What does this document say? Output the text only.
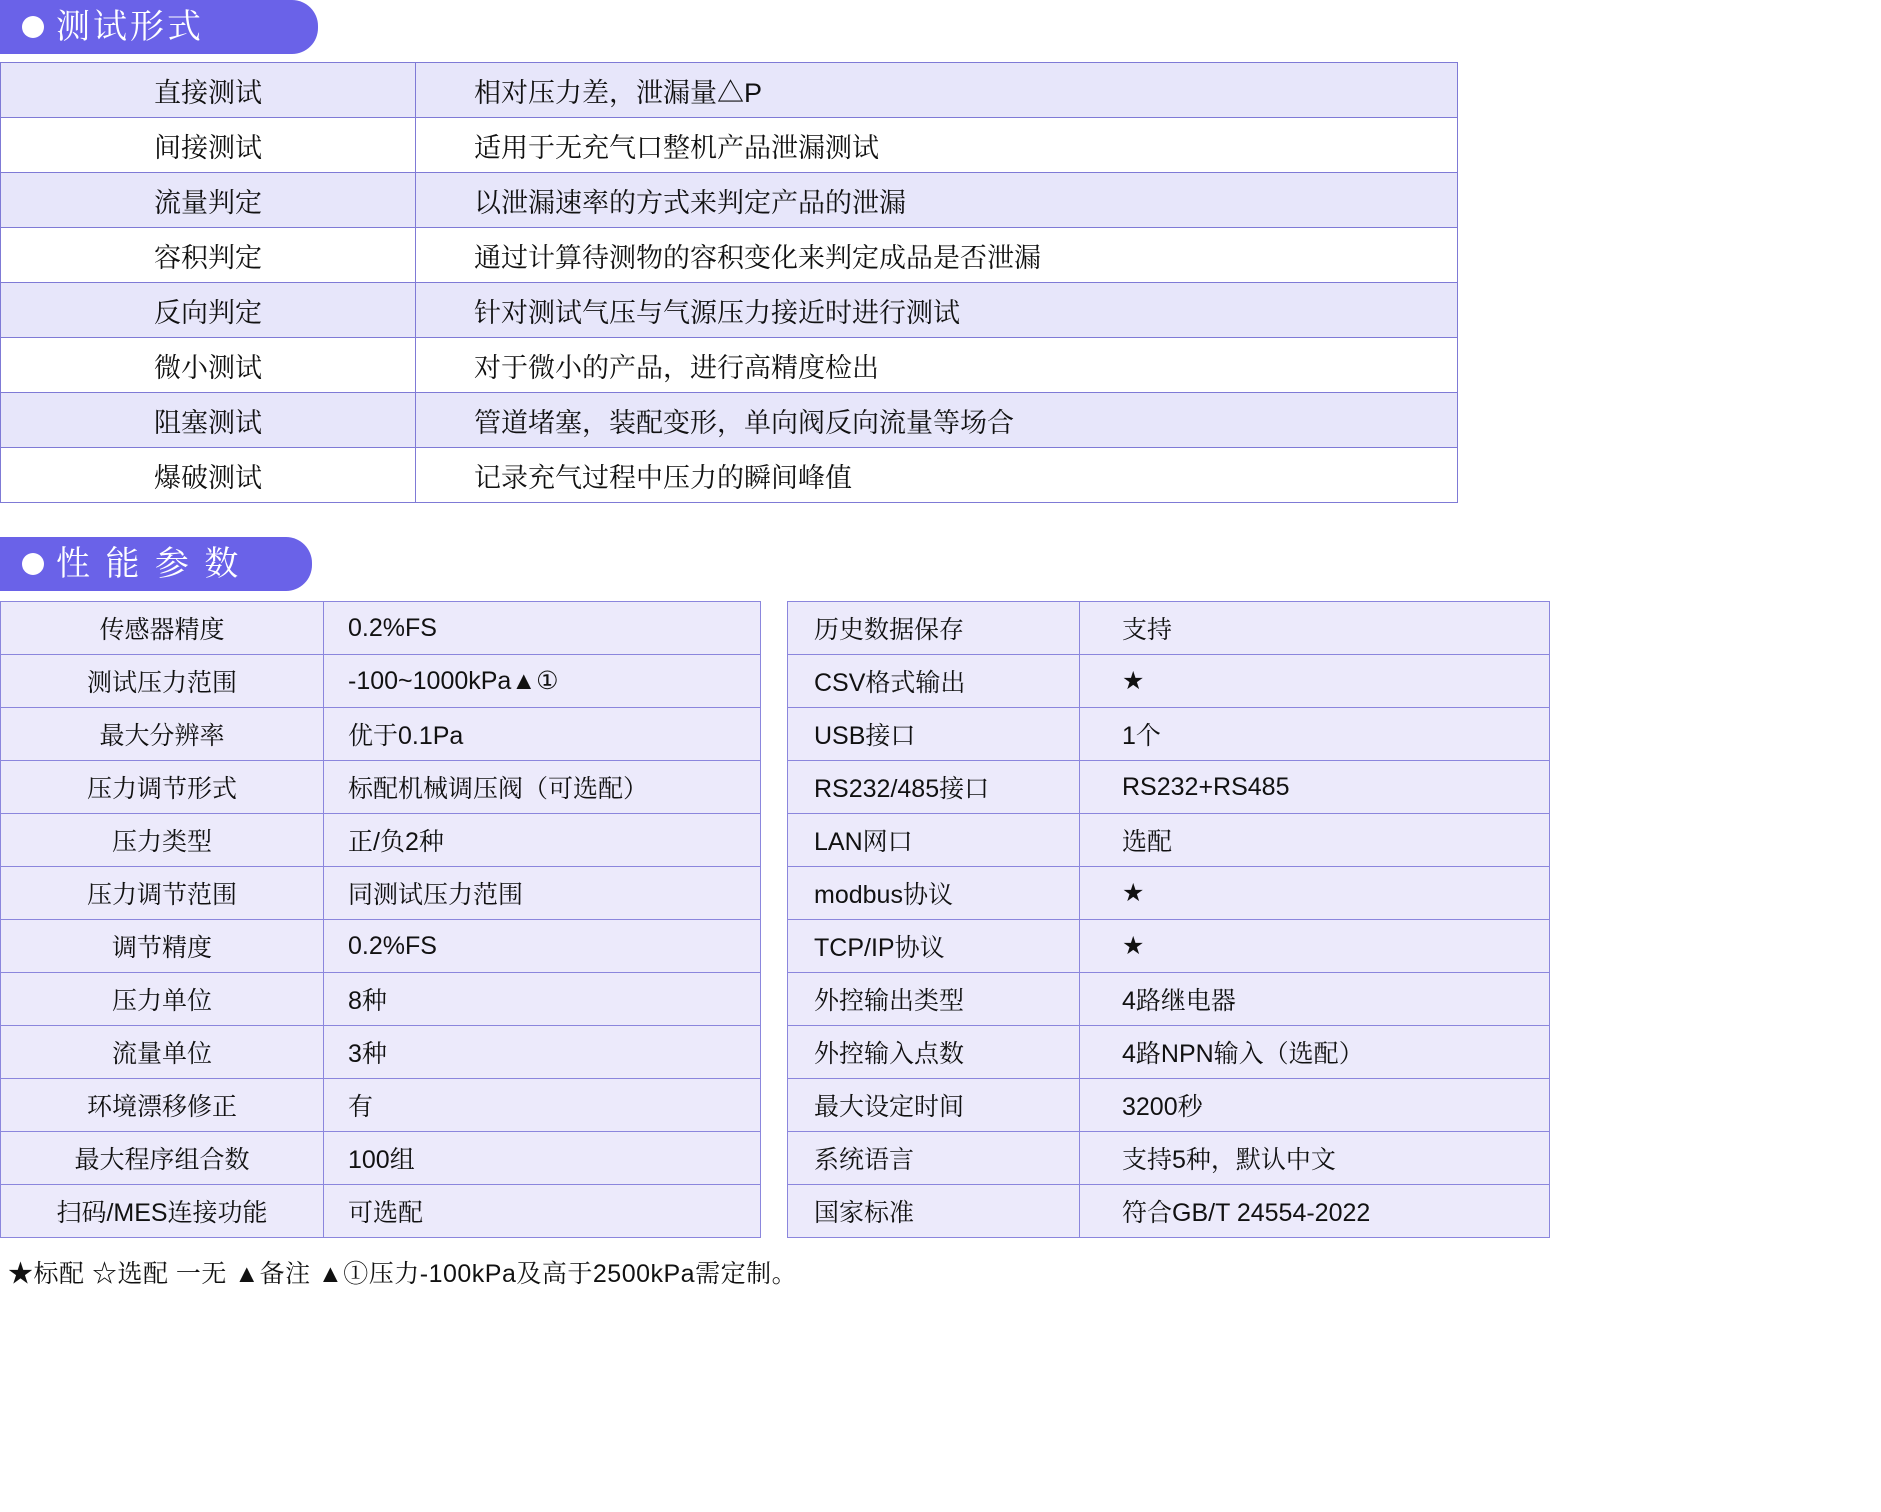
测试形式
直接测试	相对压力差，泄漏量△P
间接测试	适用于无充气口整机产品泄漏测试
流量判定	以泄漏速率的方式来判定产品的泄漏
容积判定	通过计算待测物的容积变化来判定成品是否泄漏
反向判定	针对测试气压与气源压力接近时进行测试
微小测试	对于微小的产品，进行高精度检出
阻塞测试	管道堵塞，装配变形，单向阀反向流量等场合
爆破测试	记录充气过程中压力的瞬间峰值
性 能 参 数
传感器精度	0.2%FS
测试压力范围	-100~1000kPa▲①
最大分辨率	优于0.1Pa
压力调节形式	标配机械调压阀（可选配）
压力类型	正/负2种
压力调节范围	同测试压力范围
调节精度	0.2%FS
压力单位	8种
流量单位	3种
环境漂移修正	有
最大程序组合数	100组
扫码/MES连接功能	可选配
历史数据保存	支持
CSV格式输出	★
USB接口	1个
RS232/485接口	RS232+RS485
LAN网口	选配
modbus协议	★
TCP/IP协议	★
外控输出类型	4路继电器
外控输入点数	4路NPN输入（选配）
最大设定时间	3200秒
系统语言	支持5种，默认中文
国家标准	符合GB/T 24554-2022
★标配 ☆选配 一无 ▲备注 ▲①压力-100kPa及高于2500kPa需定制。
